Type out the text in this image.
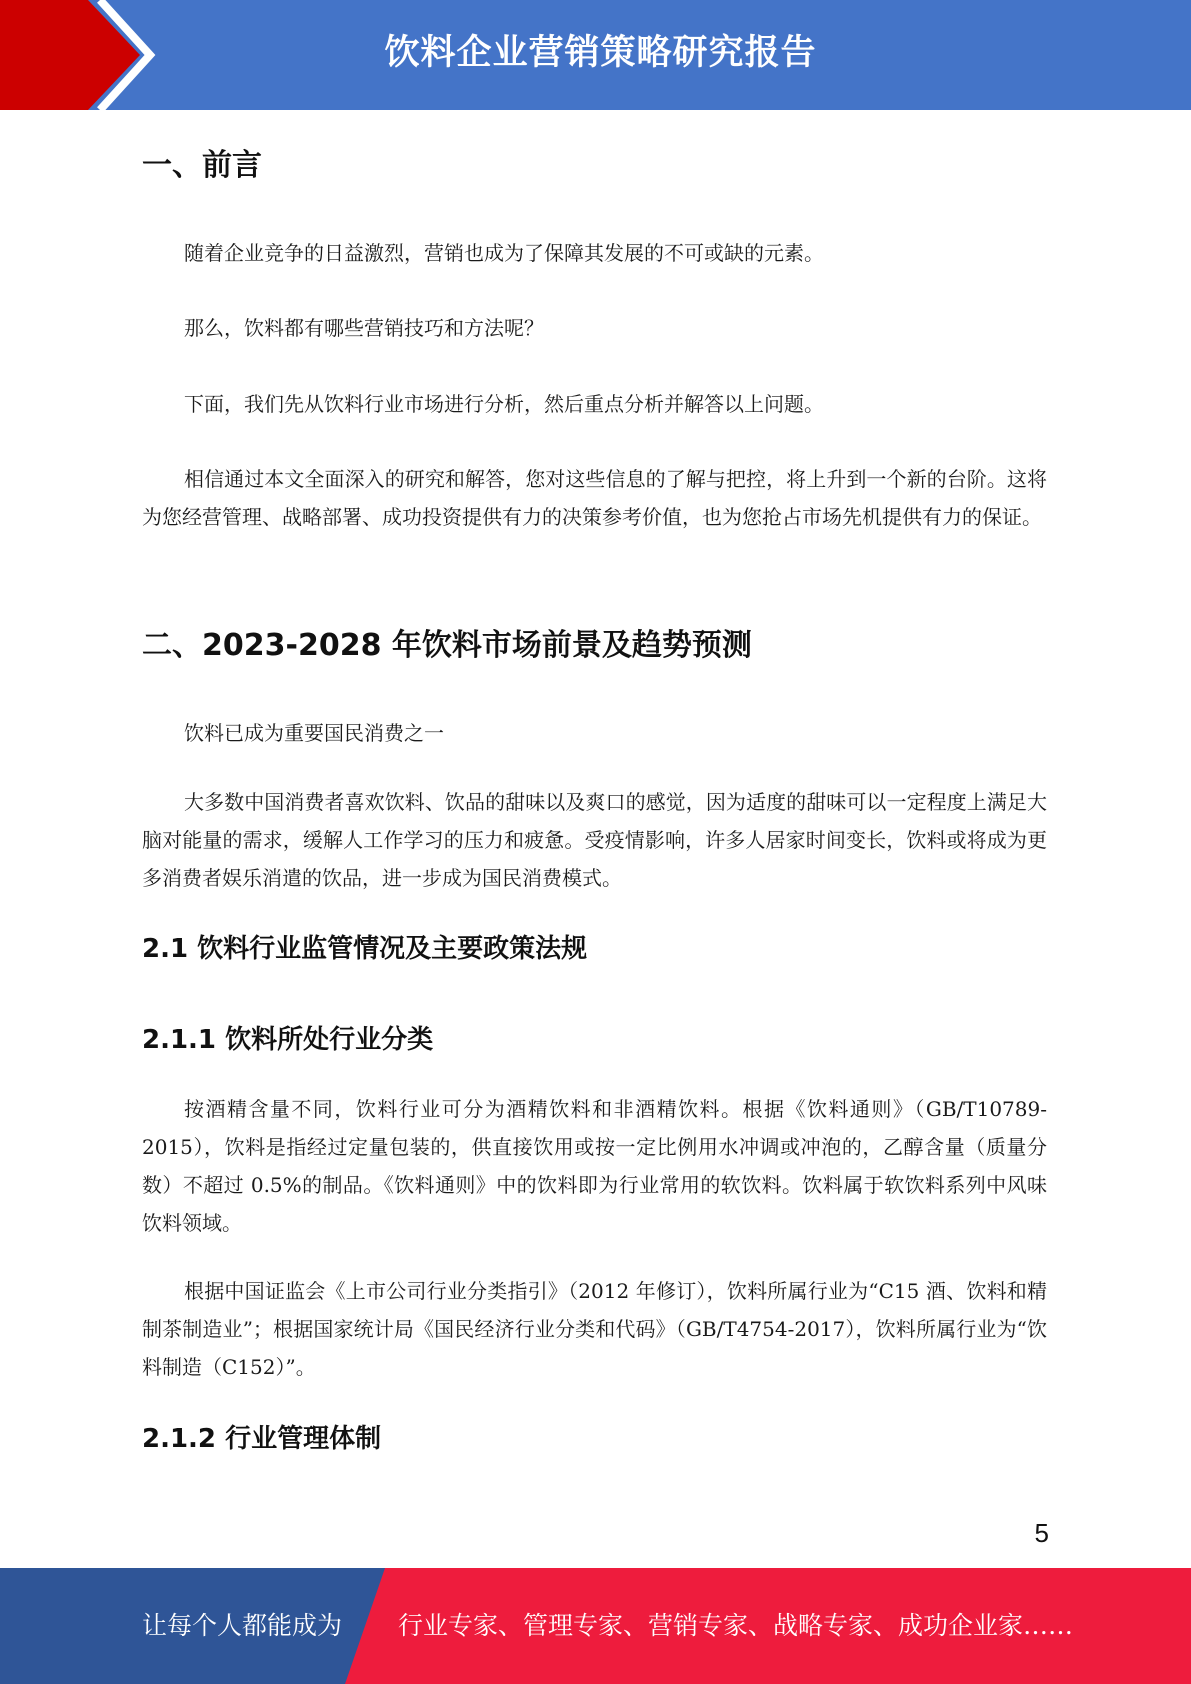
饮料企业营销策略研究报告
一、前言

随着企业竞争的日益激烈，营销也成为了保障其发展的不可或缺的元素。

那么，饮料都有哪些营销技巧和方法呢？

下面，我们先从饮料行业市场进行分析，然后重点分析并解答以上问题。

相信通过本文全面深入的研究和解答，您对这些信息的了解与把控，将上升到一个新的台阶。这将为您经营管理、战略部署、成功投资提供有力的决策参考价值，也为您抢占市场先机提供有力的保证。

二、2023-2028 年饮料市场前景及趋势预测

饮料已成为重要国民消费之一

大多数中国消费者喜欢饮料、饮品的甜味以及爽口的感觉，因为适度的甜味可以一定程度上满足大脑对能量的需求，缓解人工作学习的压力和疲惫。受疫情影响，许多人居家时间变长，饮料或将成为更多消费者娱乐消遣的饮品，进一步成为国民消费模式。

2.1 饮料行业监管情况及主要政策法规
2.1.1 饮料所处行业分类

按酒精含量不同，饮料行业可分为酒精饮料和非酒精饮料。根据《饮料通则》（GB/T10789-2015），饮料是指经过定量包装的，供直接饮用或按一定比例用水冲调或冲泡的，乙醇含量（质量分数）不超过 0.5%的制品。《饮料通则》中的饮料即为行业常用的软饮料。饮料属于软饮料系列中风味饮料领域。

根据中国证监会《上市公司行业分类指引》（2012 年修订），饮料所属行业为“C15 酒、饮料和精制茶制造业”；根据国家统计局《国民经济行业分类和代码》（GB/T4754-2017），饮料所属行业为“饮料制造（C152）”。

2.1.2 行业管理体制
5
让每个人都能成为 行业专家、管理专家、营销专家、战略专家、成功企业家……
